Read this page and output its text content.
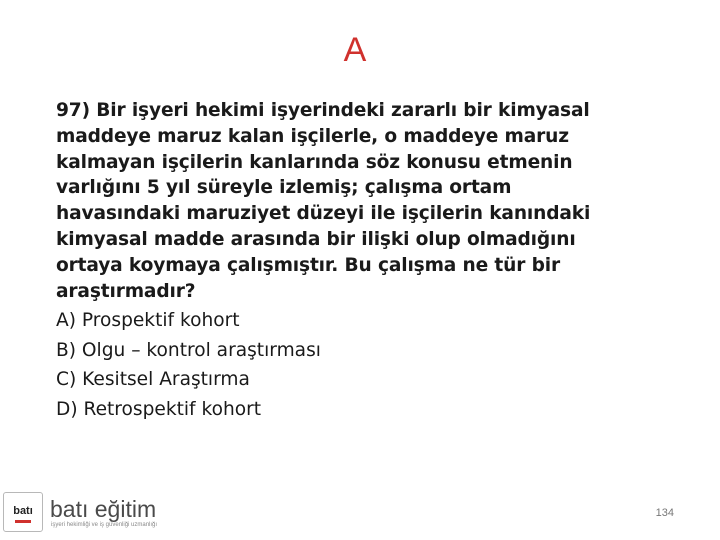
A
97) Bir işyeri hekimi işyerindeki zararlı bir kimyasal
maddeye maruz kalan işçilerle, o maddeye maruz
kalmayan işçilerin kanlarında söz konusu etmenin
varlığını 5 yıl süreyle izlemiş; çalışma ortam
havasındaki maruziyet düzeyi ile işçilerin kanındaki
kimyasal madde arasında bir ilişki olup olmadığını
ortaya koymaya çalışmıştır. Bu çalışma ne tür bir
araştırmadır?
A) Prospektif kohort
B) Olgu – kontrol araştırması
C) Kesitsel Araştırma
D) Retrospektif kohort
batı batı eğitim
işyeri hekimliği ve iş güvenliği uzmanlığı
134
